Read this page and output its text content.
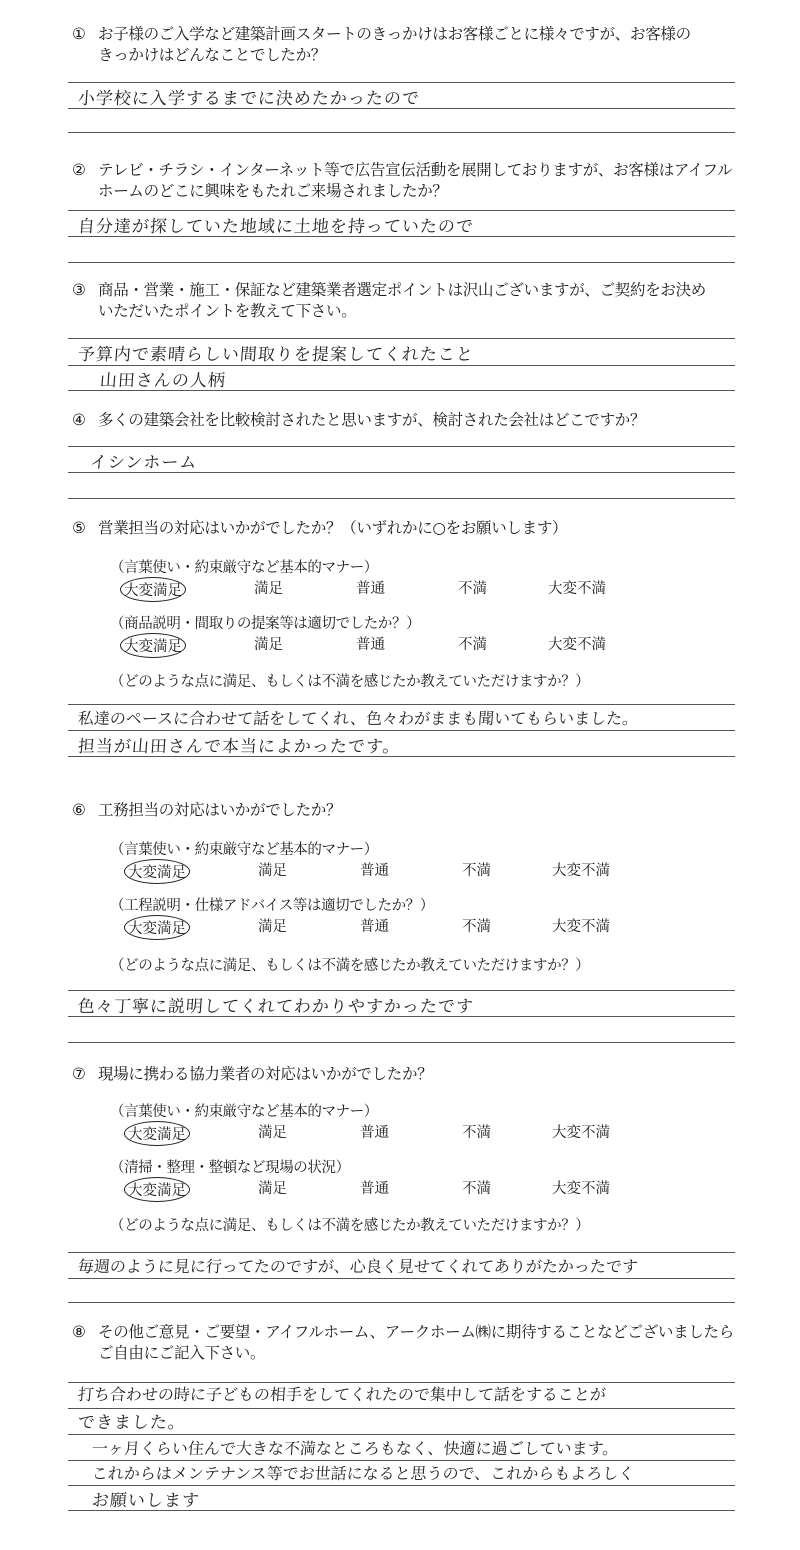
① お子様のご入学など建築計画スタートのきっかけはお客様ごとに様々ですが、お客様の
きっかけはどんなことでしたか？
小学校に入学するまでに決めたかったので
② テレビ・チラシ・インターネット等で広告宣伝活動を展開しておりますが、お客様はアイフル
ホームのどこに興味をもたれご来場されましたか？
自分達が探していた地域に土地を持っていたので
③ 商品・営業・施工・保証など建築業者選定ポイントは沢山ございますが、ご契約をお決め
いただいたポイントを教えて下さい。
予算内で素晴らしい間取りを提案してくれたこと
山田さんの人柄
④ 多くの建築会社を比較検討されたと思いますが、検討された会社はどこですか？
イシンホーム
⑤ 営業担当の対応はいかがでしたか？（いずれかに○をお願いします）
（言葉使い・約束厳守など基本的マナー）
大変満足	満足	普通	不満	大変不満
（商品説明・間取りの提案等は適切でしたか？）
大変満足	満足	普通	不満	大変不満
（どのような点に満足、もしくは不満を感じたか教えていただけますか？）
私達のペースに合わせて話をしてくれ、色々わがままも聞いてもらいました。
担当が山田さんで本当によかったです。
⑥ 工務担当の対応はいかがでしたか？
（言葉使い・約束厳守など基本的マナー）
大変満足	満足	普通	不満	大変不満
（工程説明・仕様アドバイス等は適切でしたか？）
大変満足	満足	普通	不満	大変不満
（どのような点に満足、もしくは不満を感じたか教えていただけますか？）
色々丁寧に説明してくれてわかりやすかったです
⑦ 現場に携わる協力業者の対応はいかがでしたか？
（言葉使い・約束厳守など基本的マナー）
大変満足	満足	普通	不満	大変不満
（清掃・整理・整頓など現場の状況）
大変満足	満足	普通	不満	大変不満
（どのような点に満足、もしくは不満を感じたか教えていただけますか？）
毎週のように見に行ってたのですが、心良く見せてくれてありがたかったです
⑧ その他ご意見・ご要望・アイフルホーム、アークホーム㈱に期待することなどございましたら
ご自由にご記入下さい。
打ち合わせの時に子どもの相手をしてくれたので集中して話をすることが
できました。
一ヶ月くらい住んで大きな不満なところもなく、快適に過ごしています。
これからはメンテナンス等でお世話になると思うので、これからもよろしく
お願いします
